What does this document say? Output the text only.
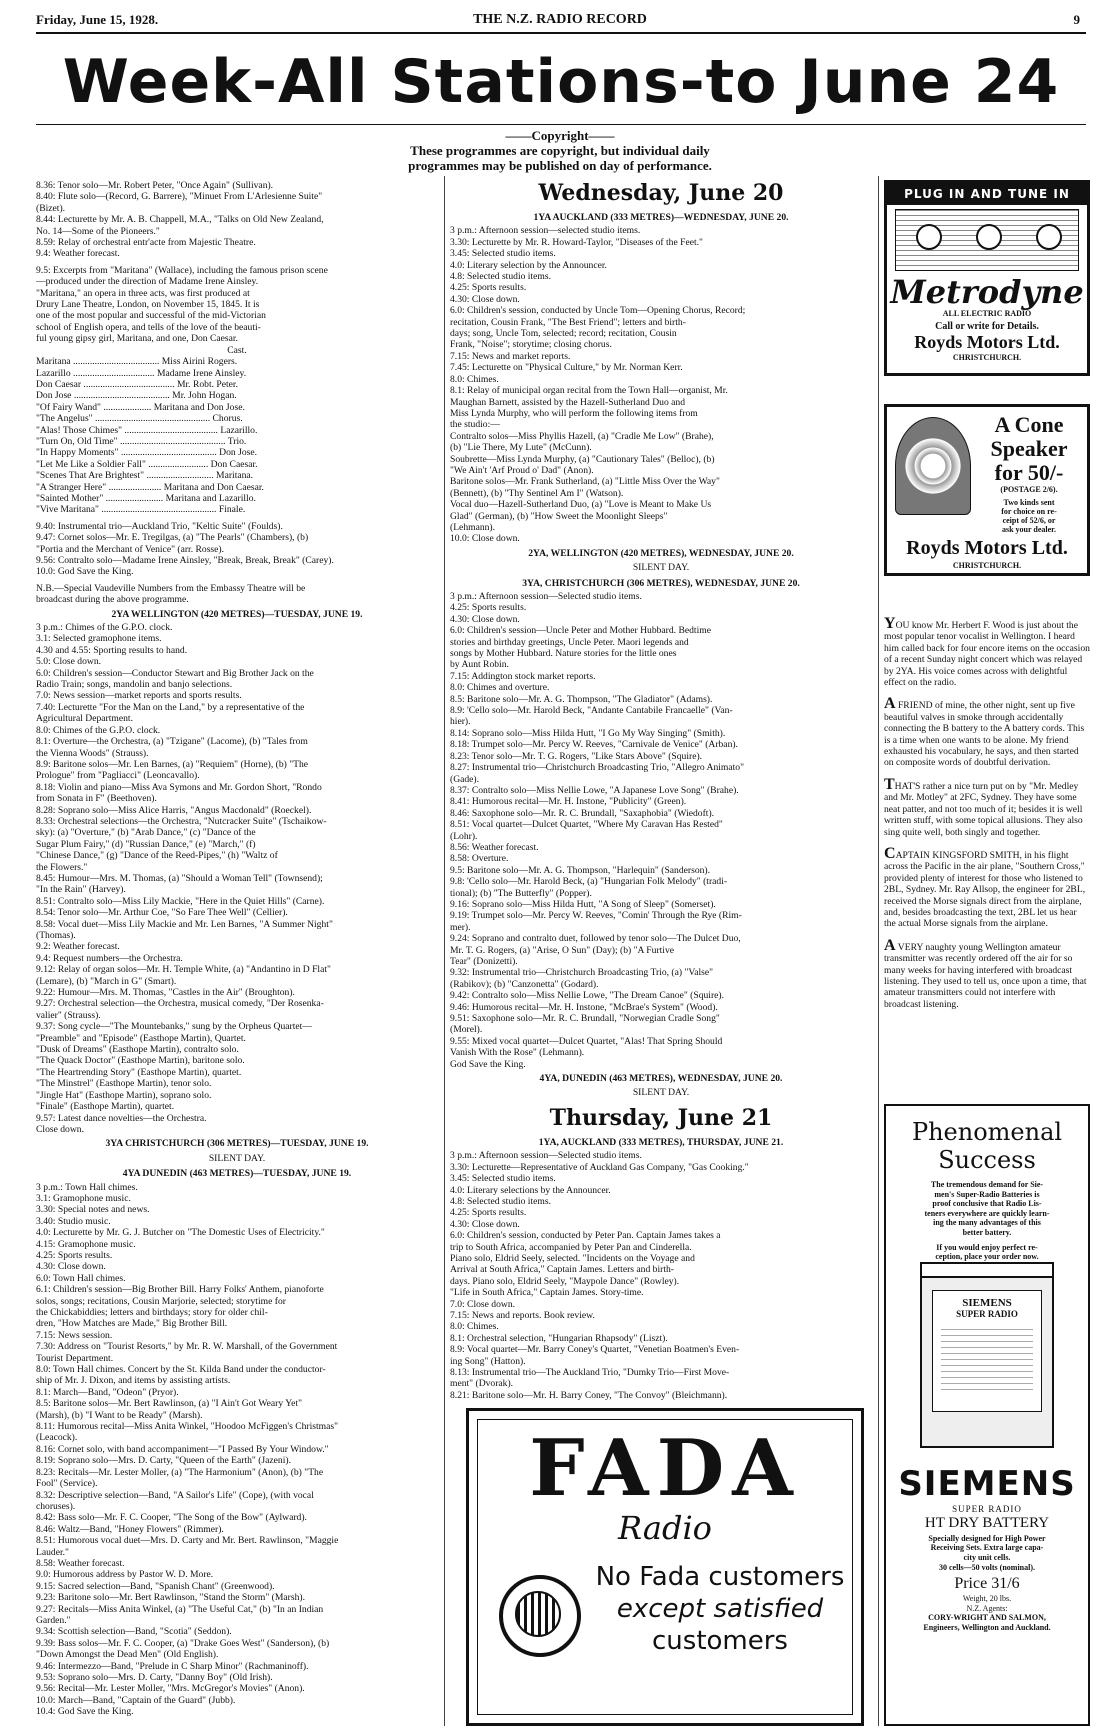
Friday, June 15, 1928.	THE N.Z. RADIO RECORD	9
Week-All Stations-to June 24
——Copyright——
These programmes are copyright, but individual daily
programmes may be published on day of performance.
8.36: Tenor solo—Mr. Robert Peter, "Once Again" (Sullivan).
8.40: Flute solo—(Record, G. Barrere), "Minuet From L'Arlesienne Suite"
(Bizet).
8.44: Lecturette by Mr. A. B. Chappell, M.A., "Talks on Old New Zealand,
No. 14—Some of the Pioneers."
8.59: Relay of orchestral entr'acte from Majestic Theatre.
9.4: Weather forecast.
9.5: Excerpts from "Maritana" (Wallace), including the famous prison scene
—produced under the direction of Madame Irene Ainsley.
"Maritana," an opera in three acts, was first produced at
Drury Lane Theatre, London, on November 15, 1845. It is
one of the most popular and successful of the mid-Victorian
school of English opera, and tells of the love of the beauti-
ful young gipsy girl, Maritana, and one, Don Caesar.
Cast.
Maritana .................................... Miss Airini Rogers.
Lazarillo .................................. Madame Irene Ainsley.
Don Caesar ...................................... Mr. Robt. Peter.
Don Jose ........................................ Mr. John Hogan.
"Of Fairy Wand" .................... Maritana and Don Jose.
"The Angelus" ................................................ Chorus.
"Alas! Those Chimes" ....................................... Lazarillo.
"Turn On, Old Time" ............................................ Trio.
"In Happy Moments" ........................................ Don Jose.
"Let Me Like a Soldier Fall" ......................... Don Caesar.
"Scenes That Are Brightest" ............................ Maritana.
"A Stranger Here" ...................... Maritana and Don Caesar.
"Sainted Mother" ........................ Maritana and Lazarillo.
"Vive Maritana" ................................................ Finale.
9.40: Instrumental trio—Auckland Trio, "Keltic Suite" (Foulds).
9.47: Cornet solos—Mr. E. Tregilgas, (a) "The Pearls" (Chambers), (b)
"Portia and the Merchant of Venice" (arr. Rosse).
9.56: Contralto solo—Madame Irene Ainsley, "Break, Break, Break" (Carey).
10.0: God Save the King.
N.B.—Special Vaudeville Numbers from the Embassy Theatre will be
broadcast during the above programme.
2YA WELLINGTON (420 METRES)—TUESDAY, JUNE 19.
3 p.m.: Chimes of the G.P.O. clock.
3.1: Selected gramophone items.
4.30 and 4.55: Sporting results to hand.
5.0: Close down.
6.0: Children's session—Conductor Stewart and Big Brother Jack on the
Radio Train; songs, mandolin and banjo selections.
7.0: News session—market reports and sports results.
7.40: Lecturette "For the Man on the Land," by a representative of the
Agricultural Department.
8.0: Chimes of the G.P.O. clock.
8.1: Overture—the Orchestra, (a) "Tzigane" (Lacome), (b) "Tales from
the Vienna Woods" (Strauss).
8.9: Baritone solos—Mr. Len Barnes, (a) "Requiem" (Horne), (b) "The
Prologue" from "Pagliacci" (Leoncavallo).
8.18: Violin and piano—Miss Ava Symons and Mr. Gordon Short, "Rondo
from Sonata in F" (Beethoven).
8.28: Soprano solo—Miss Alice Harris, "Angus Macdonald" (Roeckel).
8.33: Orchestral selections—the Orchestra, "Nutcracker Suite" (Tschaikow-
sky): (a) "Overture," (b) "Arab Dance," (c) "Dance of the
Sugar Plum Fairy," (d) "Russian Dance," (e) "March," (f)
"Chinese Dance," (g) "Dance of the Reed-Pipes," (h) "Waltz of
the Flowers."
8.45: Humour—Mrs. M. Thomas, (a) "Should a Woman Tell" (Townsend);
"In the Rain" (Harvey).
8.51: Contralto solo—Miss Lily Mackie, "Here in the Quiet Hills" (Carne).
8.54: Tenor solo—Mr. Arthur Coe, "So Fare Thee Well" (Cellier).
8.58: Vocal duet—Miss Lily Mackie and Mr. Len Barnes, "A Summer Night"
(Thomas).
9.2: Weather forecast.
9.4: Request numbers—the Orchestra.
9.12: Relay of organ solos—Mr. H. Temple White, (a) "Andantino in D Flat"
(Lemare), (b) "March in G" (Smart).
9.22: Humour—Mrs. M. Thomas, "Castles in the Air" (Broughton).
9.27: Orchestral selection—the Orchestra, musical comedy, "Der Rosenka-
valier" (Strauss).
9.37: Song cycle—"The Mountebanks," sung by the Orpheus Quartet—
"Preamble" and "Episode" (Easthope Martin), Quartet.
"Dusk of Dreams" (Easthope Martin), contralto solo.
"The Quack Doctor" (Easthope Martin), baritone solo.
"The Heartrending Story" (Easthope Martin), quartet.
"The Minstrel" (Easthope Martin), tenor solo.
"Jingle Hat" (Easthope Martin), soprano solo.
"Finale" (Easthope Martin), quartet.
9.57: Latest dance novelties—the Orchestra.
Close down.
3YA CHRISTCHURCH (306 METRES)—TUESDAY, JUNE 19.
SILENT DAY.
4YA DUNEDIN (463 METRES)—TUESDAY, JUNE 19.
3 p.m.: Town Hall chimes.
3.1: Gramophone music.
3.30: Special notes and news.
3.40: Studio music.
4.0: Lecturette by Mr. G. J. Butcher on "The Domestic Uses of Electricity."
4.15: Gramophone music.
4.25: Sports results.
4.30: Close down.
6.0: Town Hall chimes.
6.1: Children's session—Big Brother Bill. Harry Folks' Anthem, pianoforte
solos, songs; recitations, Cousin Marjorie, selected; storytime for
the Chickabiddies; letters and birthdays; story for older chil-
dren, "How Matches are Made," Big Brother Bill.
7.15: News session.
7.30: Address on "Tourist Resorts," by Mr. R. W. Marshall, of the Government
Tourist Department.
8.0: Town Hall chimes. Concert by the St. Kilda Band under the conductor-
ship of Mr. J. Dixon, and items by assisting artists.
8.1: March—Band, "Odeon" (Pryor).
8.5: Baritone solos—Mr. Bert Rawlinson, (a) "I Ain't Got Weary Yet"
(Marsh), (b) "I Want to be Ready" (Marsh).
8.11: Humorous recital—Miss Anita Winkel, "Hoodoo McFiggen's Christmas"
(Leacock).
8.16: Cornet solo, with band accompaniment—"I Passed By Your Window."
8.19: Soprano solo—Mrs. D. Carty, "Queen of the Earth" (Jazeni).
8.23: Recitals—Mr. Lester Moller, (a) "The Harmonium" (Anon), (b) "The
Fool" (Service).
8.32: Descriptive selection—Band, "A Sailor's Life" (Cope), (with vocal
choruses).
8.42: Bass solo—Mr. F. C. Cooper, "The Song of the Bow" (Aylward).
8.46: Waltz—Band, "Honey Flowers" (Rimmer).
8.51: Humorous vocal duet—Mrs. D. Carty and Mr. Bert. Rawlinson, "Maggie
Lauder."
8.58: Weather forecast.
9.0: Humorous address by Pastor W. D. More.
9.15: Sacred selection—Band, "Spanish Chant" (Greenwood).
9.23: Baritone solo—Mr. Bert Rawlinson, "Stand the Storm" (Marsh).
9.27: Recitals—Miss Anita Winkel, (a) "The Useful Cat," (b) "In an Indian
Garden."
9.34: Scottish selection—Band, "Scotia" (Seddon).
9.39: Bass solos—Mr. F. C. Cooper, (a) "Drake Goes West" (Sanderson), (b)
"Down Amongst the Dead Men" (Old English).
9.46: Intermezzo—Band, "Prelude in C Sharp Minor" (Rachmaninoff).
9.53: Soprano solo—Mrs. D. Carty, "Danny Boy" (Old Irish).
9.56: Recital—Mr. Lester Moller, "Mrs. McGregor's Movies" (Anon).
10.0: March—Band, "Captain of the Guard" (Jubb).
10.4: God Save the King.
Wednesday, June 20
1YA AUCKLAND (333 METRES)—WEDNESDAY, JUNE 20.
3 p.m.: Afternoon session—selected studio items.
3.30: Lecturette by Mr. R. Howard-Taylor, "Diseases of the Feet."
3.45: Selected studio items.
4.0: Literary selection by the Announcer.
4.8: Selected studio items.
4.25: Sports results.
4.30: Close down.
6.0: Children's session, conducted by Uncle Tom—Opening Chorus, Record;
recitation, Cousin Frank, "The Best Friend"; letters and birth-
days; song, Uncle Tom, selected; record; recitation, Cousin
Frank, "Noise"; storytime; closing chorus.
7.15: News and market reports.
7.45: Lecturette on "Physical Culture," by Mr. Norman Kerr.
8.0: Chimes.
8.1: Relay of municipal organ recital from the Town Hall—organist, Mr.
Maughan Barnett, assisted by the Hazell-Sutherland Duo and
Miss Lynda Murphy, who will perform the following items from
the studio:—
Contralto solos—Miss Phyllis Hazell, (a) "Cradle Me Low" (Brahe),
(b) "Lie There, My Lute" (McCunn).
Soubrette—Miss Lynda Murphy, (a) "Cautionary Tales" (Belloc), (b)
"We Ain't 'Arf Proud o' Dad" (Anon).
Baritone solos—Mr. Frank Sutherland, (a) "Little Miss Over the Way"
(Bennett), (b) "Thy Sentinel Am I" (Watson).
Vocal duo—Hazell-Sutherland Duo, (a) "Love is Meant to Make Us
Glad" (German), (b) "How Sweet the Moonlight Sleeps"
(Lehmann).
10.0: Close down.
2YA, WELLINGTON (420 METRES), WEDNESDAY, JUNE 20.
SILENT DAY.
3YA, CHRISTCHURCH (306 METRES), WEDNESDAY, JUNE 20.
3 p.m.: Afternoon session—Selected studio items.
4.25: Sports results.
4.30: Close down.
6.0: Children's session—Uncle Peter and Mother Hubbard. Bedtime
stories and birthday greetings, Uncle Peter. Maori legends and
songs by Mother Hubbard. Nature stories for the little ones
by Aunt Robin.
7.15: Addington stock market reports.
8.0: Chimes and overture.
8.5: Baritone solo—Mr. A. G. Thompson, "The Gladiator" (Adams).
8.9: 'Cello solo—Mr. Harold Beck, "Andante Cantabile Francaelle" (Van-
hier).
8.14: Soprano solo—Miss Hilda Hutt, "I Go My Way Singing" (Smith).
8.18: Trumpet solo—Mr. Percy W. Reeves, "Carnivale de Venice" (Arban).
8.23: Tenor solo—Mr. T. G. Rogers, "Like Stars Above" (Squire).
8.27: Instrumental trio—Christchurch Broadcasting Trio, "Allegro Animato"
(Gade).
8.37: Contralto solo—Miss Nellie Lowe, "A Japanese Love Song" (Brahe).
8.41: Humorous recital—Mr. H. Instone, "Publicity" (Green).
8.46: Saxophone solo—Mr. R. C. Brundall, "Saxaphobia" (Wiedoft).
8.51: Vocal quartet—Dulcet Quartet, "Where My Caravan Has Rested"
(Lohr).
8.56: Weather forecast.
8.58: Overture.
9.5: Baritone solo—Mr. A. G. Thompson, "Harlequin" (Sanderson).
9.8: 'Cello solo—Mr. Harold Beck, (a) "Hungarian Folk Melody" (tradi-
tional); (b) "The Butterfly" (Popper).
9.16: Soprano solo—Miss Hilda Hutt, "A Song of Sleep" (Somerset).
9.19: Trumpet solo—Mr. Percy W. Reeves, "Comin' Through the Rye (Rim-
mer).
9.24: Soprano and contralto duet, followed by tenor solo—The Dulcet Duo,
Mr. T. G. Rogers, (a) "Arise, O Sun" (Day); (b) "A Furtive
Tear" (Donizetti).
9.32: Instrumental trio—Christchurch Broadcasting Trio, (a) "Valse"
(Rabikov); (b) "Canzonetta" (Godard).
9.42: Contralto solo—Miss Nellie Lowe, "The Dream Canoe" (Squire).
9.46: Humorous recital—Mr. H. Instone, "McBrae's System" (Wood).
9.51: Saxophone solo—Mr. R. C. Brundall, "Norwegian Cradle Song"
(Morel).
9.55: Mixed vocal quartet—Dulcet Quartet, "Alas! That Spring Should
Vanish With the Rose" (Lehmann).
God Save the King.
4YA, DUNEDIN (463 METRES), WEDNESDAY, JUNE 20.
SILENT DAY.
Thursday, June 21
1YA, AUCKLAND (333 METRES), THURSDAY, JUNE 21.
3 p.m.: Afternoon session—Selected studio items.
3.30: Lecturette—Representative of Auckland Gas Company, "Gas Cooking."
3.45: Selected studio items.
4.0: Literary selections by the Announcer.
4.8: Selected studio items.
4.25: Sports results.
4.30: Close down.
6.0: Children's session, conducted by Peter Pan. Captain James takes a
trip to South Africa, accompanied by Peter Pan and Cinderella.
Piano solo, Eldrid Seely, selected. "Incidents on the Voyage and
Arrival at South Africa," Captain James. Letters and birth-
days. Piano solo, Eldrid Seely, "Maypole Dance" (Rowley).
"Life in South Africa," Captain James. Story-time.
7.0: Close down.
7.15: News and reports. Book review.
8.0: Chimes.
8.1: Orchestral selection, "Hungarian Rhapsody" (Liszt).
8.9: Vocal quartet—Mr. Barry Coney's Quartet, "Venetian Boatmen's Even-
ing Song" (Hatton).
8.13: Instrumental trio—The Auckland Trio, "Dumky Trio—First Move-
ment" (Dvorak).
8.21: Baritone solo—Mr. H. Barry Coney, "The Convoy" (Bleichmann).
FADA
Radio
No Fada customers
except satisfied
customers
PLUG IN AND TUNE IN
Metrodyne
ALL ELECTRIC RADIO
Call or write for Details.
Royds Motors Ltd.
CHRISTCHURCH.
A Cone
Speaker
for 50/-
(POSTAGE 2/6).
Two kinds sent
for choice on re-
ceipt of 52/6, or
ask your dealer.
Royds Motors Ltd.
CHRISTCHURCH.

YOU know Mr. Herbert F. Wood is just about the most popular tenor vocalist in Wellington. I heard him called back for four encore items on the occasion of a recent Sunday night concert which was relayed by 2YA. His voice comes across with delightful effect on the radio.

A FRIEND of mine, the other night, sent up five beautiful valves in smoke through accidentally connecting the B battery to the A battery cords. This is a time when one wants to be alone. My friend exhausted his vocabulary, he says, and then started on composite words of doubtful derivation.

THAT'S rather a nice turn put on by "Mr. Medley and Mr. Motley" at 2FC, Sydney. They have some neat patter, and not too much of it; besides it is well written stuff, with some topical allusions. They also sing quite well, both singly and together.

CAPTAIN KINGSFORD SMITH, in his flight across the Pacific in the air plane, "Southern Cross," provided plenty of interest for those who listened to 2BL, Sydney. Mr. Ray Allsop, the engineer for 2BL, received the Morse signals direct from the airplane, and, besides broadcasting the text, 2BL let us hear the actual Morse signals from the airplane.

A VERY naughty young Wellington amateur transmitter was recently ordered off the air for so many weeks for having interfered with broadcast listening. They used to tell us, once upon a time, that amateur transmitters could not interfere with broadcast listening.

Phenomenal
Success
The tremendous demand for Sie-
men's Super-Radio Batteries is
proof conclusive that Radio Lis-
teners everywhere are quickly learn-
ing the many advantages of this
better battery.
If you would enjoy perfect re-
ception, place your order now.
SIEMENS
SUPER RADIO
SIEMENS
SUPER RADIO
HT DRY BATTERY
Specially designed for High Power
Receiving Sets. Extra large capa-
city unit cells.
30 cells—50 volts (nominal).
Price 31/6
Weight, 20 lbs.
N.Z. Agents:
CORY-WRIGHT AND SALMON,
Engineers, Wellington and Auckland.
